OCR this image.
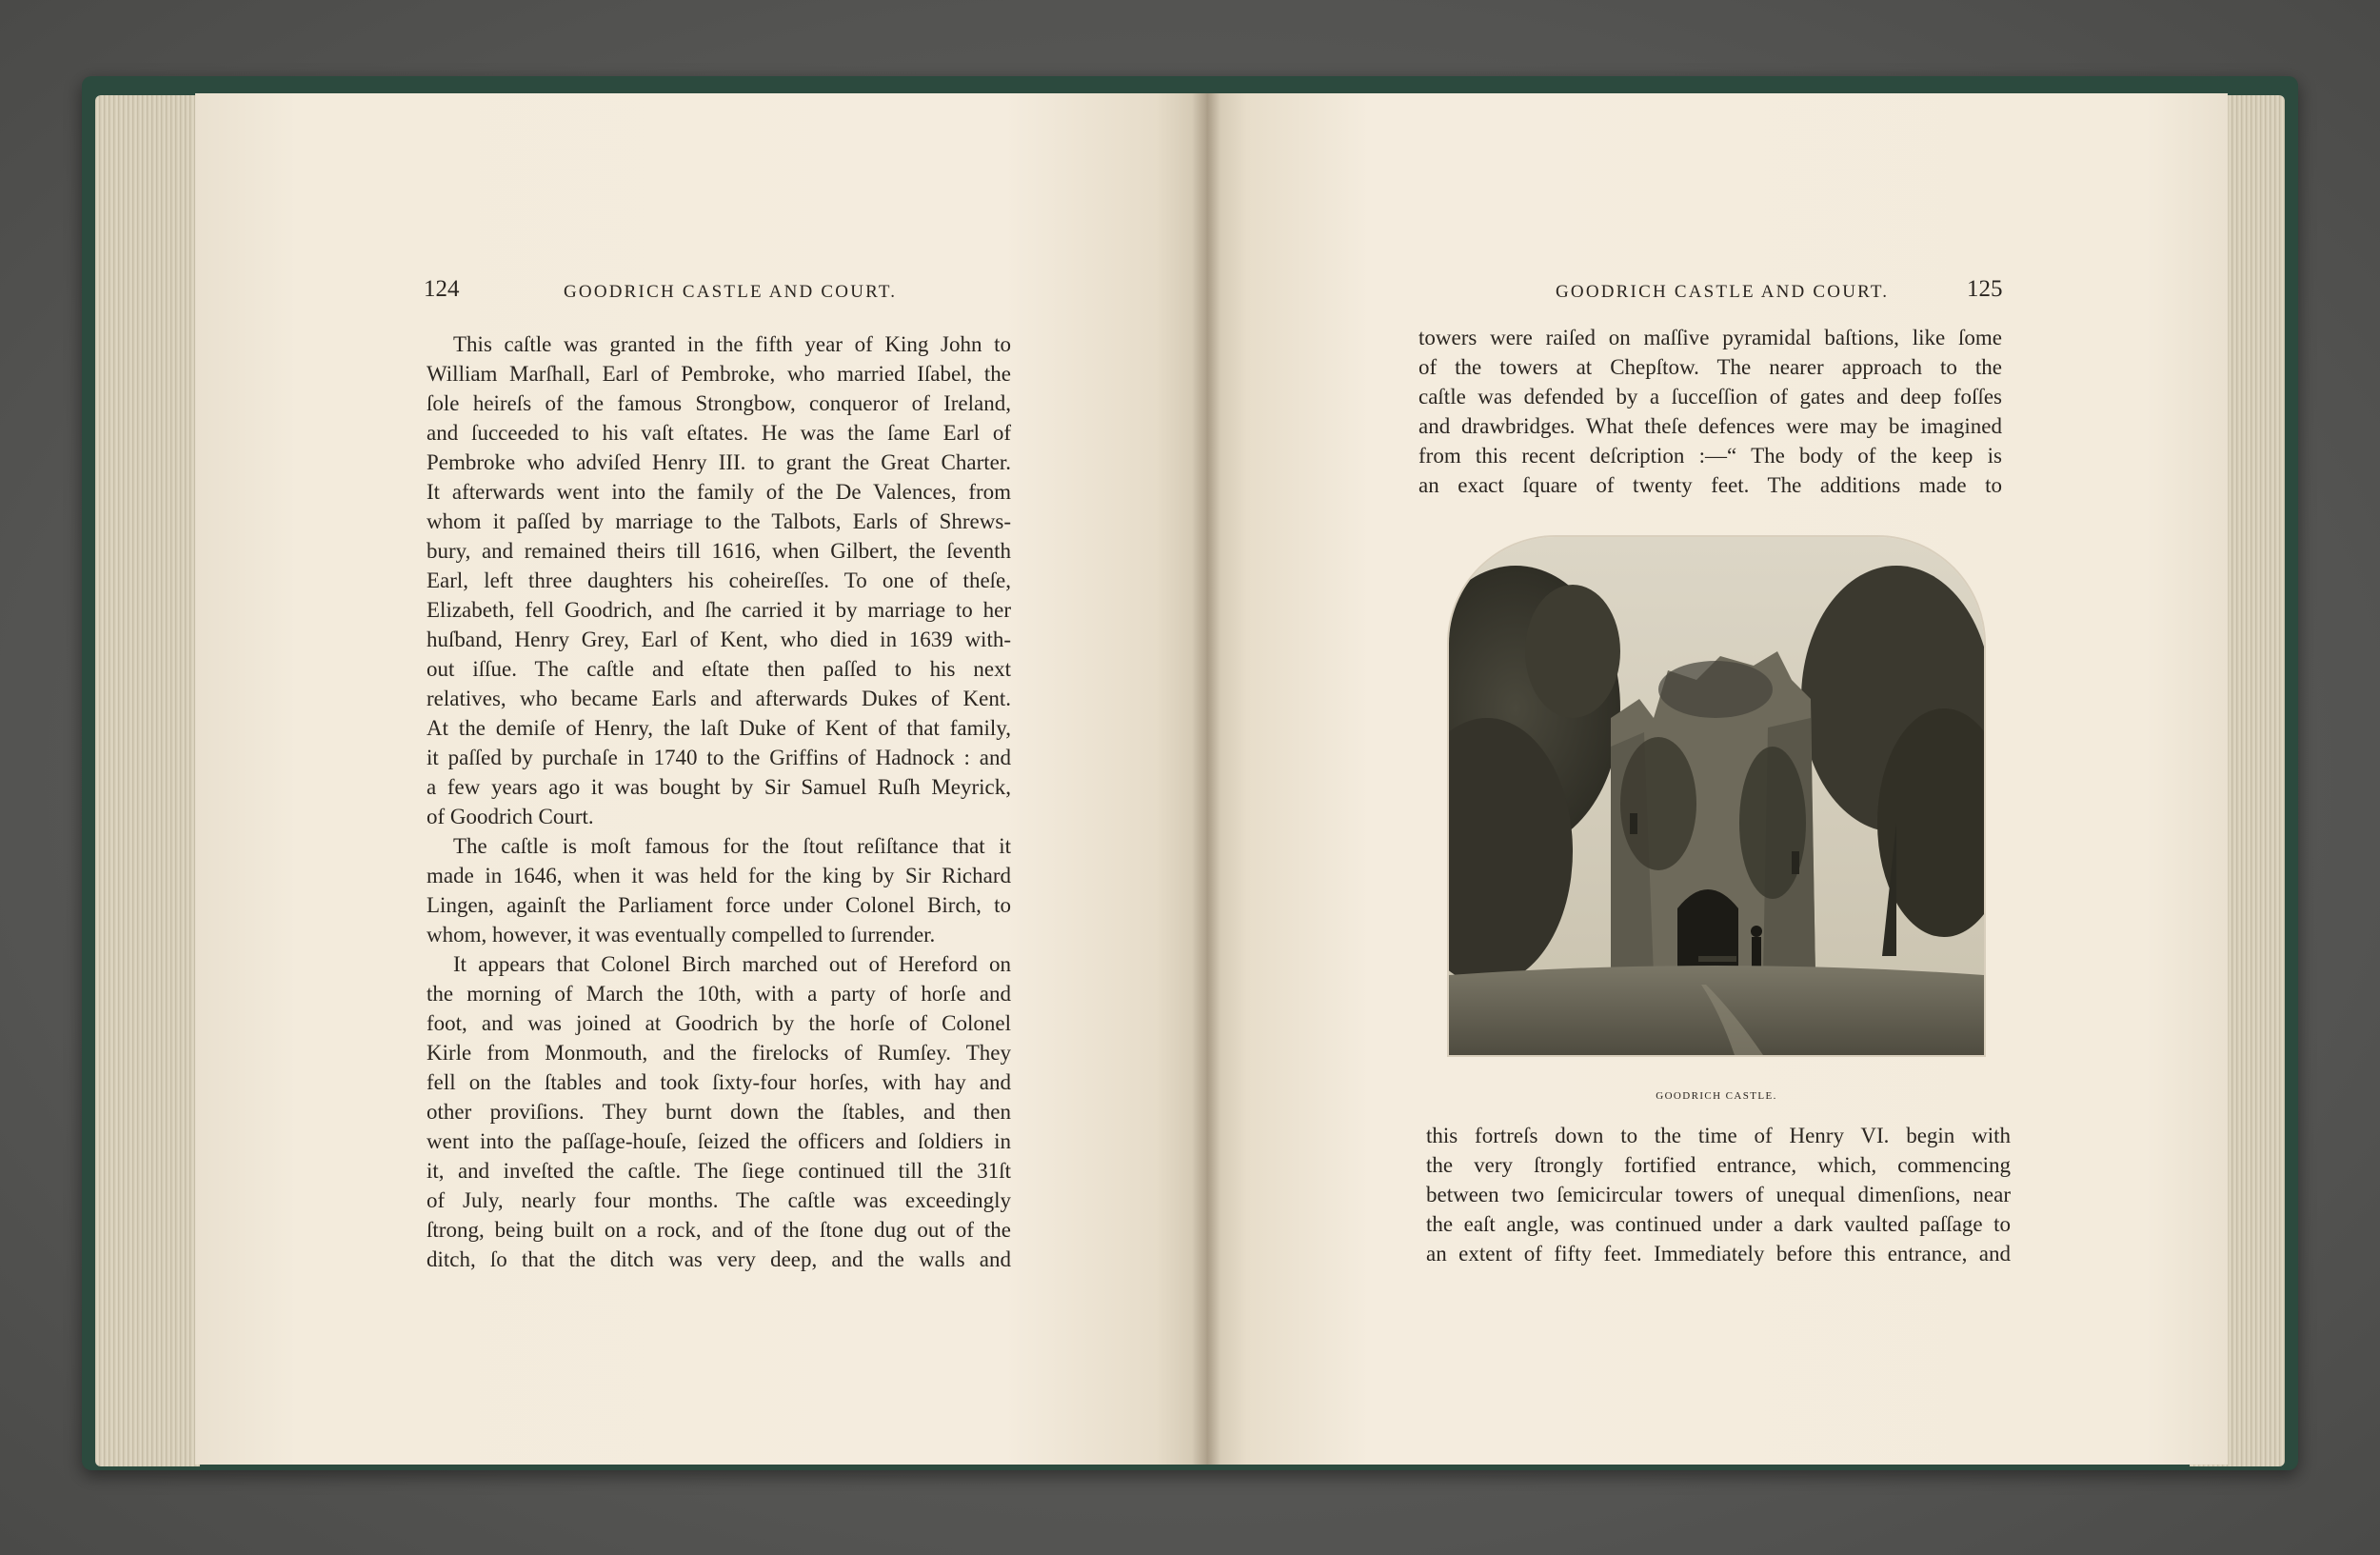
124	GOODRICH CASTLE AND COURT.

This caſtle was granted in the fifth year of King John to
William Marſhall, Earl of Pembroke, who married Iſabel, the
ſole heireſs of the famous Strongbow, conqueror of Ireland,
and ſucceeded to his vaſt eſtates. He was the ſame Earl of
Pembroke who adviſed Henry III. to grant the Great Charter.
It afterwards went into the family of the De Valences, from
whom it paſſed by marriage to the Talbots, Earls of Shrews-
bury, and remained theirs till 1616, when Gilbert, the ſeventh
Earl, left three daughters his coheireſſes. To one of theſe,
Elizabeth, fell Goodrich, and ſhe carried it by marriage to her
huſband, Henry Grey, Earl of Kent, who died in 1639 with-
out iſſue. The caſtle and eſtate then paſſed to his next
relatives, who became Earls and afterwards Dukes of Kent.
At the demiſe of Henry, the laſt Duke of Kent of that family,
it paſſed by purchaſe in 1740 to the Griffins of Hadnock : and
a few years ago it was bought by Sir Samuel Ruſh Meyrick,
of Goodrich Court.

The caſtle is moſt famous for the ſtout reſiſtance that it
made in 1646, when it was held for the king by Sir Richard
Lingen, againſt the Parliament force under Colonel Birch, to
whom, however, it was eventually compelled to ſurrender.

It appears that Colonel Birch marched out of Hereford on
the morning of March the 10th, with a party of horſe and
foot, and was joined at Goodrich by the horſe of Colonel
Kirle from Monmouth, and the firelocks of Rumſey. They
fell on the ſtables and took ſixty-four horſes, with hay and
other proviſions. They burnt down the ſtables, and then
went into the paſſage-houſe, ſeized the officers and ſoldiers in
it, and inveſted the caſtle. The ſiege continued till the 31ſt
of July, nearly four months. The caſtle was exceedingly
ſtrong, being built on a rock, and of the ſtone dug out of the
ditch, ſo that the ditch was very deep, and the walls and

GOODRICH CASTLE AND COURT.	125
towers were raiſed on maſſive pyramidal baſtions, like ſome
of the towers at Chepſtow. The nearer approach to the
caſtle was defended by a ſucceſſion of gates and deep foſſes
and drawbridges. What theſe defences were may be imagined
from this recent deſcription :—“ The body of the keep is
an exact ſquare of twenty feet. The additions made to
GOODRICH CASTLE.
this fortreſs down to the time of Henry VI. begin with
the very ſtrongly fortified entrance, which, commencing
between two ſemicircular towers of unequal dimenſions, near
the eaſt angle, was continued under a dark vaulted paſſage to
an extent of fifty feet. Immediately before this entrance, and
